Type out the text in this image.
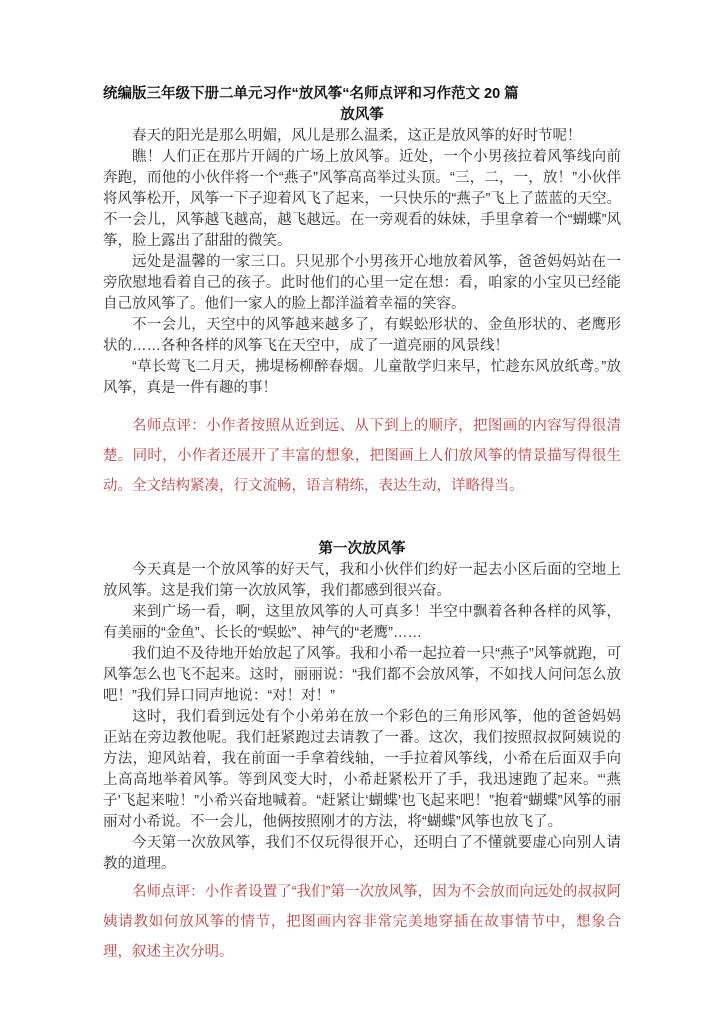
统编版三年级下册二单元习作“放风筝“名师点评和习作范文 20 篇

放风筝

春天的阳光是那么明媚，风儿是那么温柔，这正是放风筝的好时节呢！

瞧！人们正在那片开阔的广场上放风筝。近处，一个小男孩拉着风筝线向前奔跑，而他的小伙伴将一个“燕子”风筝高高举过头顶。“三，二，一，放！”小伙伴将风筝松开，风筝一下子迎着风飞了起来，一只快乐的“燕子”飞上了蓝蓝的天空。不一会儿，风筝越飞越高，越飞越远。在一旁观看的妹妹，手里拿着一个“蝴蝶”风筝，脸上露出了甜甜的微笑。

远处是温馨的一家三口。只见那个小男孩开心地放着风筝，爸爸妈妈站在一旁欣慰地看着自己的孩子。此时他们的心里一定在想：看，咱家的小宝贝已经能自己放风筝了。他们一家人的脸上都洋溢着幸福的笑容。

不一会儿，天空中的风筝越来越多了，有蜈蚣形状的、金鱼形状的、老鹰形状的……各种各样的风筝飞在天空中，成了一道亮丽的风景线！

“草长莺飞二月天，拂堤杨柳醉春烟。儿童散学归来早，忙趁东风放纸鸢。”放风筝，真是一件有趣的事！

名师点评：小作者按照从近到远、从下到上的顺序，把图画的内容写得很清楚。同时，小作者还展开了丰富的想象，把图画上人们放风筝的情景描写得很生动。全文结构紧凑，行文流畅，语言精练，表达生动，详略得当。

第一次放风筝

今天真是一个放风筝的好天气，我和小伙伴们约好一起去小区后面的空地上放风筝。这是我们第一次放风筝，我们都感到很兴奋。

来到广场一看，啊，这里放风筝的人可真多！半空中飘着各种各样的风筝，有美丽的“金鱼”、长长的“蜈蚣”、神气的“老鹰”……

我们迫不及待地开始放起了风筝。我和小希一起拉着一只“燕子”风筝就跑，可风筝怎么也飞不起来。这时，丽丽说：“我们都不会放风筝，不如找人问问怎么放吧！”我们异口同声地说：“对！对！”

这时，我们看到远处有个小弟弟在放一个彩色的三角形风筝，他的爸爸妈妈正站在旁边教他呢。我们赶紧跑过去请教了一番。这次，我们按照叔叔阿姨说的方法，迎风站着，我在前面一手拿着线轴，一手拉着风筝线，小希在后面双手向上高高地举着风筝。等到风变大时，小希赶紧松开了手，我迅速跑了起来。“‘燕子’飞起来啦！”小希兴奋地喊着。“赶紧让‘蝴蝶’也飞起来吧！”抱着“蝴蝶”风筝的丽丽对小希说。不一会儿，他俩按照刚才的方法，将“蝴蝶”风筝也放飞了。

今天第一次放风筝，我们不仅玩得很开心，还明白了不懂就要虚心向别人请教的道理。

名师点评：小作者设置了“我们”第一次放风筝，因为不会放而向远处的叔叔阿姨请教如何放风筝的情节，把图画内容非常完美地穿插在故事情节中，想象合理，叙述主次分明。
